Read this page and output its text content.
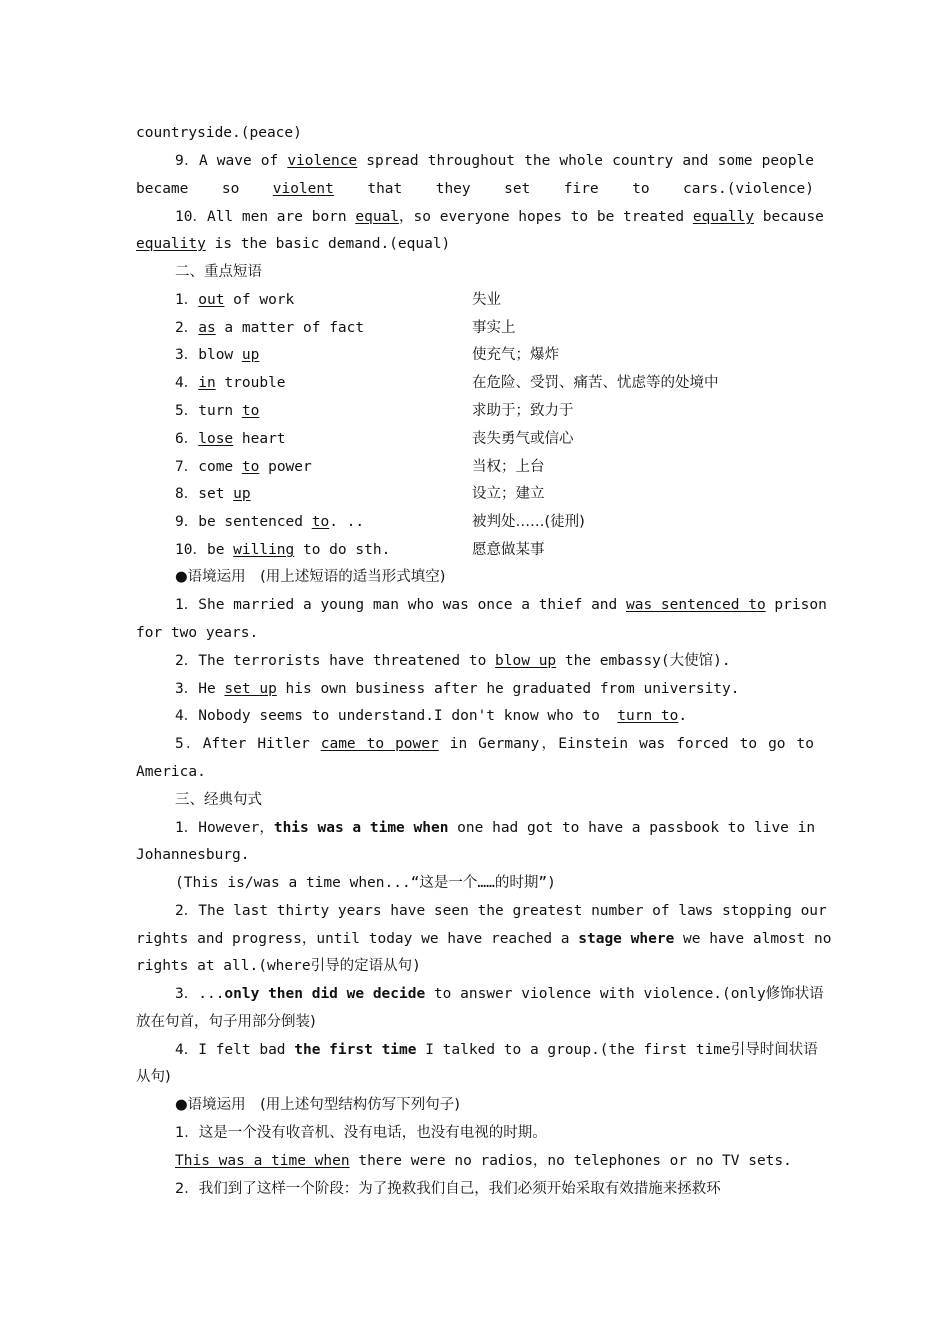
countryside.(peace)
9．A wave of violence spread throughout the whole country and some people
became so violent that they set fire to cars.(violence)
10．All men are born equal，so everyone hopes to be treated equally because
equality is the basic demand.(equal)
二、重点短语
1．out of work	失业
2．as a matter of fact	事实上
3．blow up	使充气；爆炸
4．in trouble	在危险、受罚、痛苦、忧虑等的处境中
5．turn to	求助于；致力于
6．lose heart	丧失勇气或信心
7．come to power	当权；上台
8．set up	设立；建立
9．be sentenced to. ..	被判处……(徒刑)
10．be willing to do sth.	愿意做某事
●语境运用　(用上述短语的适当形式填空)
1．She married a young man who was once a thief and was sentenced to prison
for two years.
2．The terrorists have threatened to blow up the embassy(大使馆).
3．He set up his own business after he graduated from university.
4．Nobody seems to understand.I don't know who to  turn to.
5．After Hitler came to power in Germany，Einstein was forced to go to
America.
三、经典句式
1．However，this was a time when one had got to have a passbook to live in
Johannesburg.
(This is/was a time when...“这是一个……的时期”)
2．The last thirty years have seen the greatest number of laws stopping our
rights and progress，until today we have reached a stage where we have almost no
rights at all.(where引导的定语从句)
3．...only then did we decide to answer violence with violence.(only修饰状语
放在句首，句子用部分倒装)
4．I felt bad the first time I talked to a group.(the first time引导时间状语
从句)
●语境运用　(用上述句型结构仿写下列句子)
1．这是一个没有收音机、没有电话，也没有电视的时期。
This was a time when there were no radios，no telephones or no TV sets.
2．我们到了这样一个阶段：为了挽救我们自己，我们必须开始采取有效措施来拯救环
